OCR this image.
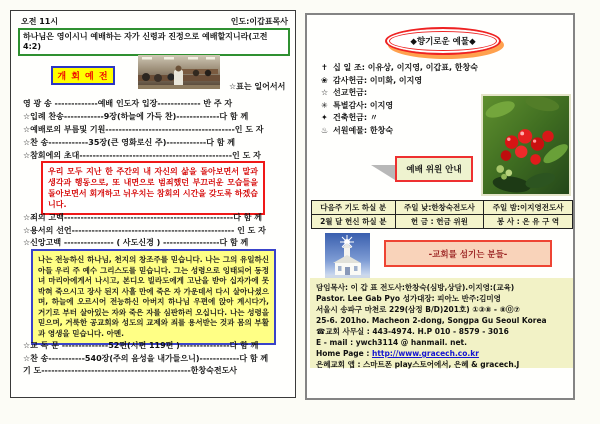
오전 11시	인도:이갑표목사
하나님은 영이시니 예배하는 자가 신령과 진정으로 예배할지니라(고전4:2)
개 회 예 전
☆표는 일어서서
영 광 송 -------------예배 인도자 입장------------- 반 주 자
☆입례 찬송------------9장(하늘에 가득 찬)-------------다 함 께
☆예배로의 부름및 기원---------------------------------------인 도 자
☆찬 송------------35장(큰 영화로신 주)------------다 함 께
☆참회에의 초대----------------------------------------------인 도 자
우리 모두 지난 한 주간의 내 자신의 삶을 돌아보면서 말과 생각과 행동으로, 또 내면으로 범죄했던 부끄러운 모습들을 돌아보면서 회개하고 뉘우치는 참회의 시간을 갖도록 하겠습니다.
☆죄의 고백---------------------------------------------------다 함 께
☆용서의 선언------------------------------------------------- 인 도 자
☆신앙고백 --------------- ( 사도신경 ) -----------------다 함 께
나는 전능하신 하나님, 천지의 창조주를 믿습니다. 나는 그의 유일하신 아들 우리 주 예수 그리스도를 믿습니다. 그는 성령으로 잉태되어 동정녀 마리아에게서 나시고, 본디오 빌라도에게 고난을 받아 십자가에 못 박혀 죽으시고 장사 된지 사흘 만에 죽은 자 가운데서 다시 살아나셨으며, 하늘에 오르시어 전능하신 아버지 하나님 우편에 앉아 계시다가, 거기로 부터 살아있는 자와 죽은 자를 심판하러 오십니다. 나는 성령을 믿으며, 거룩한 공교회와 성도의 교제와 죄를 용서받는 것과 몸의 부활과 영생을 믿습니다. 아멘.
☆교 독 문 --------------52편(시편 119편 )---------------다 함 께
☆찬 송-----------540장(주의 음성을 내가들으니)------------다 함 께
기 도---------------------------------------------한창숙전도사
◆향기로운 예물◆
✝ 십 일 조: 이유상, 이지영, 이갑표, 한창숙
❀ 감사헌금: 이미화, 이지영
☆ 선교헌금:
✳ 특별감사: 이지영
✦ 건축헌금: 〃
♨ 서원예물: 한창숙
예배 위원 안내
다음주 기도 하실 분	주일 낮:한창숙전도사	주일 밤:이지영전도사
2월 달 헌신 하실 분	헌 금 : 헌금 위원	봉 사 : 온 유 구 역
-교회를 섬기는 분들-
담임목사: 이 갑 표 전도사:한창숙(심방,상담).이지영:(교육)
Pastor. Lee Gab Pyo 성가대장: 피아노 반주:김미영
서울시 송파구 마천로 229(삼정 B/D)201호) ①③⑧ - ⑧⓪⑦
25-6. 201ho. Macheon 2-dong, Songpa Gu Seoul Korea
☎교회 사무실 : 443-4974. H.P 010 - 8579 - 3016
E - mail : ywch3114 @ hanmail. net.
Home Page : http://www.gracech.co.kr
은혜교회 앱 : 스마트폰 play스토어에서, 은혜 & gracech.J
